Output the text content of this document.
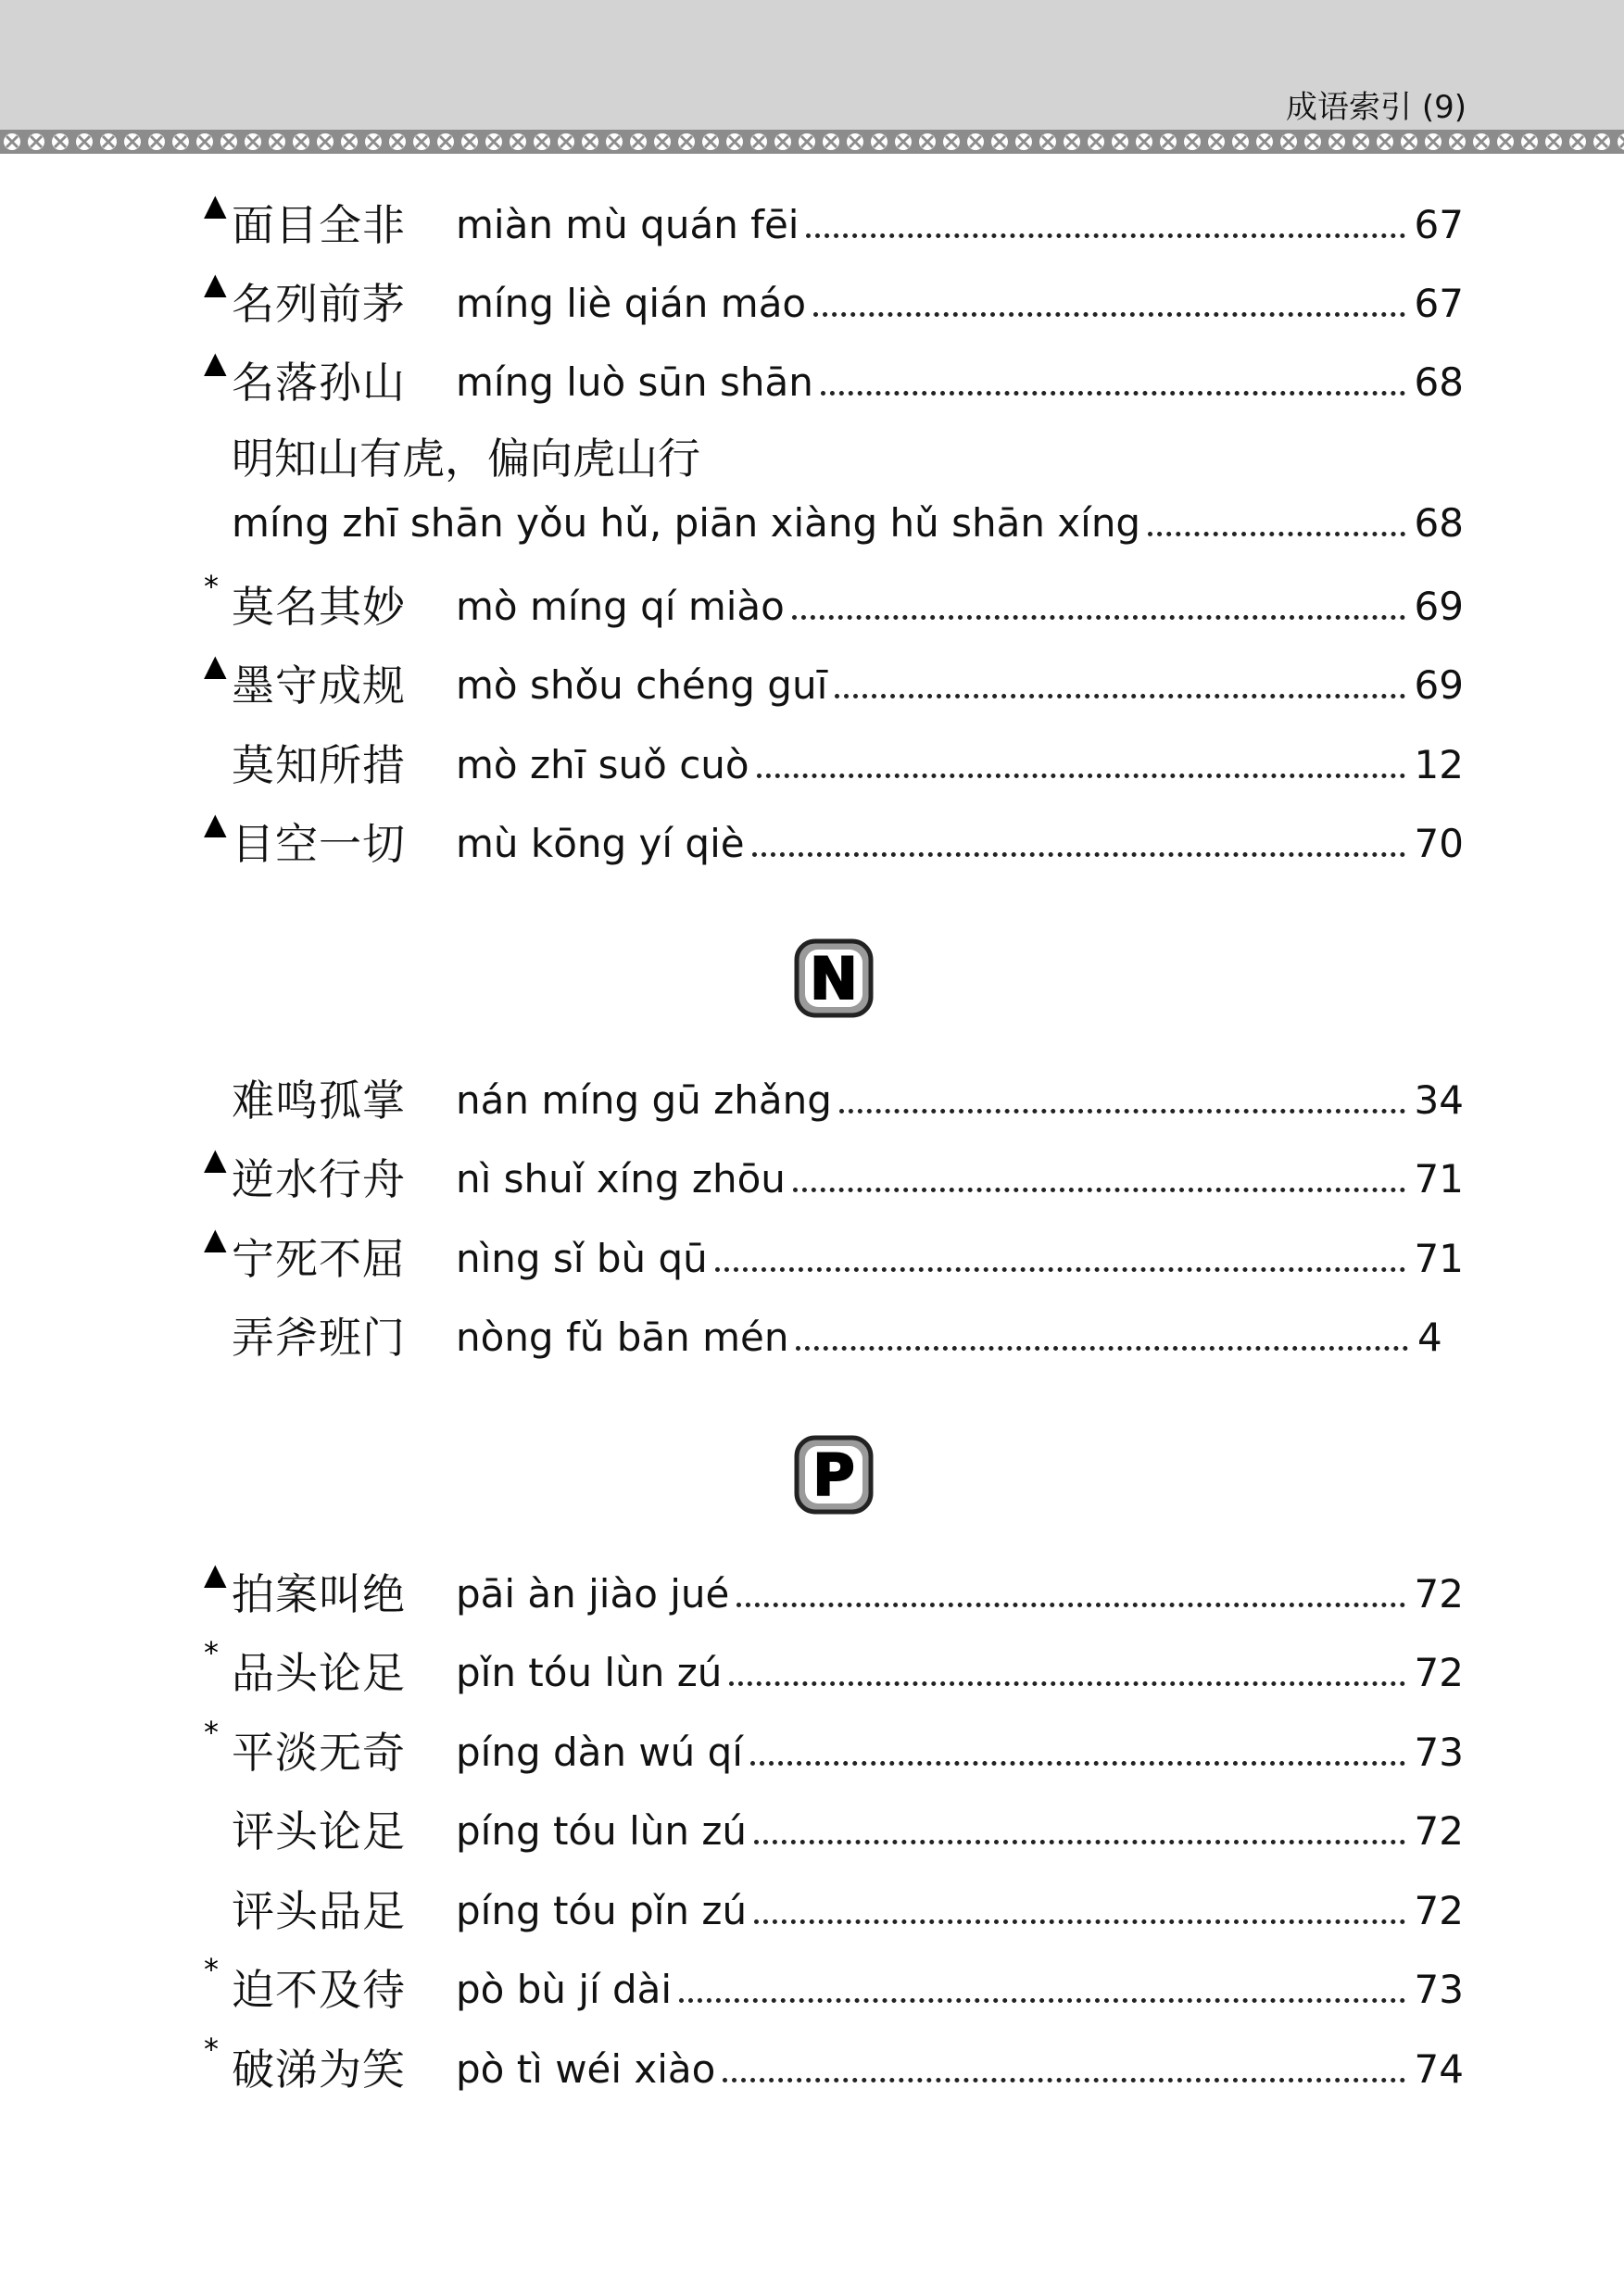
成语索引 (9)
▲ 面目全非 miàn mù quán fēi	67
▲ 名列前茅 míng liè qián máo	67
▲ 名落孙山 míng luò sūn shān	68
明知山有虎，偏向虎山行
míng zhī shān yǒu hǔ, piān xiàng hǔ shān xíng	68
* 莫名其妙 mò míng qí miào	69
▲ 墨守成规 mò shǒu chéng guī	69
莫知所措 mò zhī suǒ cuò	12
▲ 目空一切 mù kōng yí qiè	70
N
难鸣孤掌 nán míng gū zhǎng	34
▲ 逆水行舟 nì shuǐ xíng zhōu	71
▲ 宁死不屈 nìng sǐ bù qū	71
弄斧班门 nòng fǔ bān mén	4
P
▲ 拍案叫绝 pāi àn jiào jué	72
* 品头论足 pǐn tóu lùn zú	72
* 平淡无奇 píng dàn wú qí	73
评头论足 píng tóu lùn zú	72
评头品足 píng tóu pǐn zú	72
* 迫不及待 pò bù jí dài	73
* 破涕为笑 pò tì wéi xiào	74
